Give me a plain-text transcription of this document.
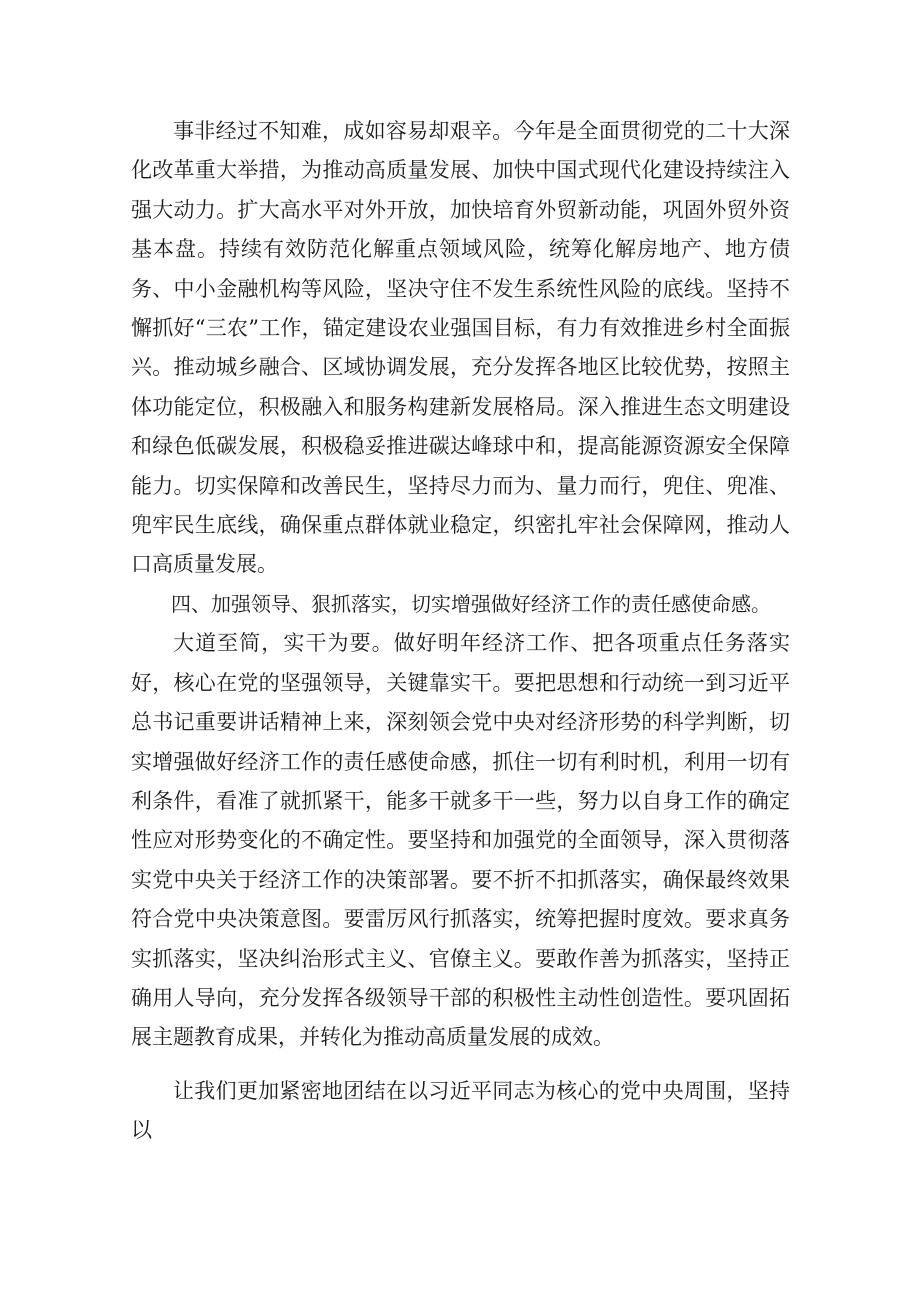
事非经过不知难，成如容易却艰辛。今年是全面贯彻党的二十大深化改革重大举措，为推动高质量发展、加快中国式现代化建设持续注入强大动力。扩大高水平对外开放，加快培育外贸新动能，巩固外贸外资基本盘。持续有效防范化解重点领域风险，统筹化解房地产、地方债务、中小金融机构等风险，坚决守住不发生系统性风险的底线。坚持不懈抓好“三农”工作，锚定建设农业强国目标，有力有效推进乡村全面振兴。推动城乡融合、区域协调发展，充分发挥各地区比较优势，按照主体功能定位，积极融入和服务构建新发展格局。深入推进生态文明建设和绿色低碳发展，积极稳妥推进碳达峰球中和，提高能源资源安全保障能力。切实保障和改善民生，坚持尽力而为、量力而行，兜住、兜准、兜牢民生底线，确保重点群体就业稳定，织密扎牢社会保障网，推动人口高质量发展。

四、加强领导、狠抓落实，切实增强做好经济工作的责任感使命感。

大道至简，实干为要。做好明年经济工作、把各项重点任务落实好，核心在党的坚强领导，关键靠实干。要把思想和行动统一到习近平总书记重要讲话精神上来，深刻领会党中央对经济形势的科学判断，切实增强做好经济工作的责任感使命感，抓住一切有利时机，利用一切有利条件，看准了就抓紧干，能多干就多干一些，努力以自身工作的确定性应对形势变化的不确定性。要坚持和加强党的全面领导，深入贯彻落实党中央关于经济工作的决策部署。要不折不扣抓落实，确保最终效果符合党中央决策意图。要雷厉风行抓落实，统筹把握时度效。要求真务实抓落实，坚决纠治形式主义、官僚主义。要敢作善为抓落实，坚持正确用人导向，充分发挥各级领导干部的积极性主动性创造性。要巩固拓展主题教育成果，并转化为推动高质量发展的成效。

让我们更加紧密地团结在以习近平同志为核心的党中央周围，坚持以
